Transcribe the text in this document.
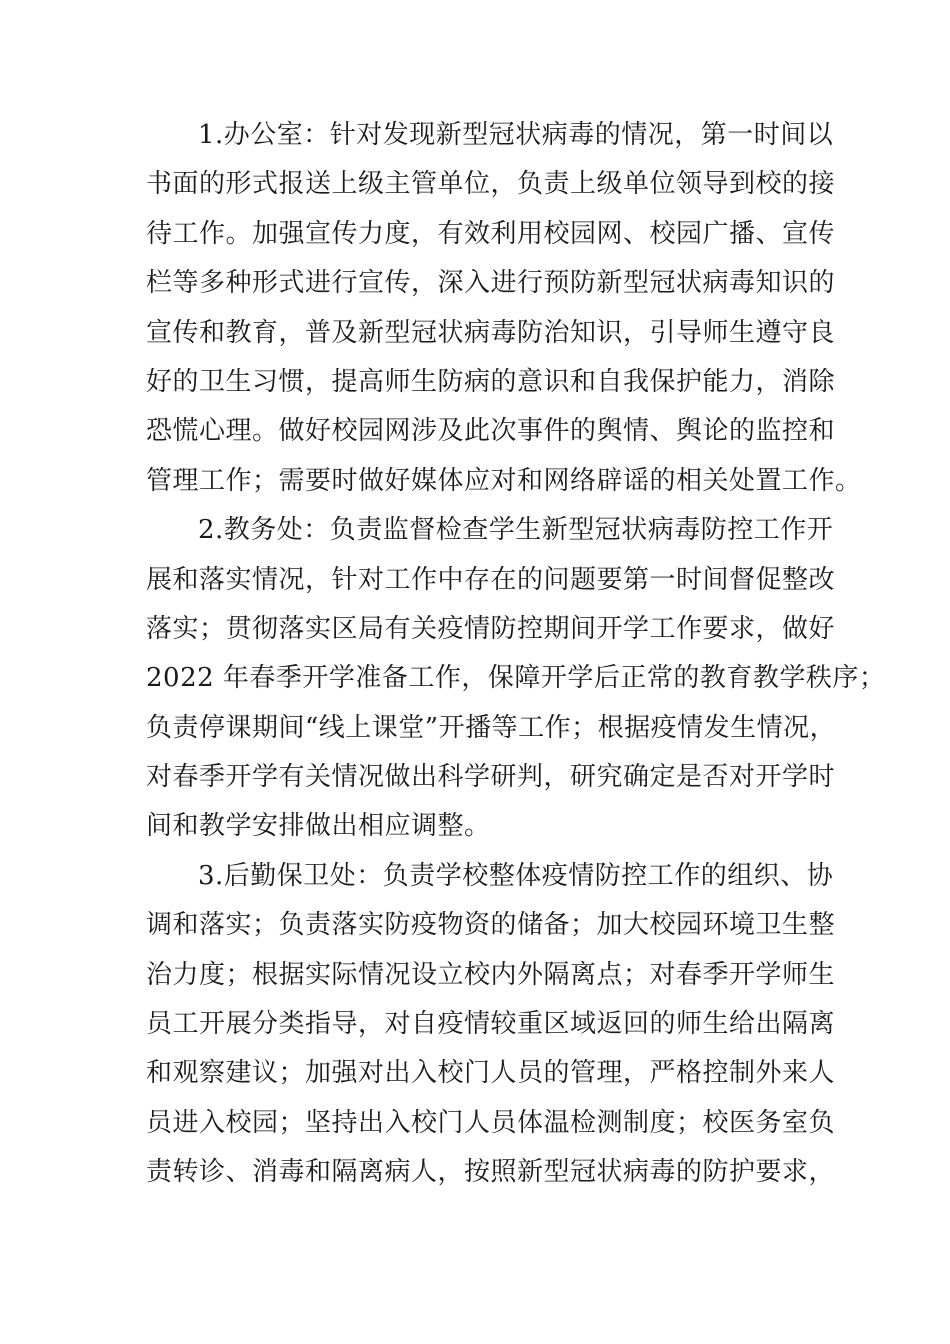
1.办公室：针对发现新型冠状病毒的情况，第一时间以
书面的形式报送上级主管单位，负责上级单位领导到校的接
待工作。加强宣传力度，有效利用校园网、校园广播、宣传
栏等多种形式进行宣传，深入进行预防新型冠状病毒知识的
宣传和教育，普及新型冠状病毒防治知识，引导师生遵守良
好的卫生习惯，提高师生防病的意识和自我保护能力，消除
恐慌心理。做好校园网涉及此次事件的舆情、舆论的监控和
管理工作；需要时做好媒体应对和网络辟谣的相关处置工作。
2.教务处：负责监督检查学生新型冠状病毒防控工作开
展和落实情况，针对工作中存在的问题要第一时间督促整改
落实；贯彻落实区局有关疫情防控期间开学工作要求，做好
2022 年春季开学准备工作，保障开学后正常的教育教学秩序；
负责停课期间“线上课堂”开播等工作；根据疫情发生情况，
对春季开学有关情况做出科学研判，研究确定是否对开学时
间和教学安排做出相应调整。
3.后勤保卫处：负责学校整体疫情防控工作的组织、协
调和落实；负责落实防疫物资的储备；加大校园环境卫生整
治力度；根据实际情况设立校内外隔离点；对春季开学师生
员工开展分类指导，对自疫情较重区域返回的师生给出隔离
和观察建议；加强对出入校门人员的管理，严格控制外来人
员进入校园；坚持出入校门人员体温检测制度；校医务室负
责转诊、消毒和隔离病人，按照新型冠状病毒的防护要求，
